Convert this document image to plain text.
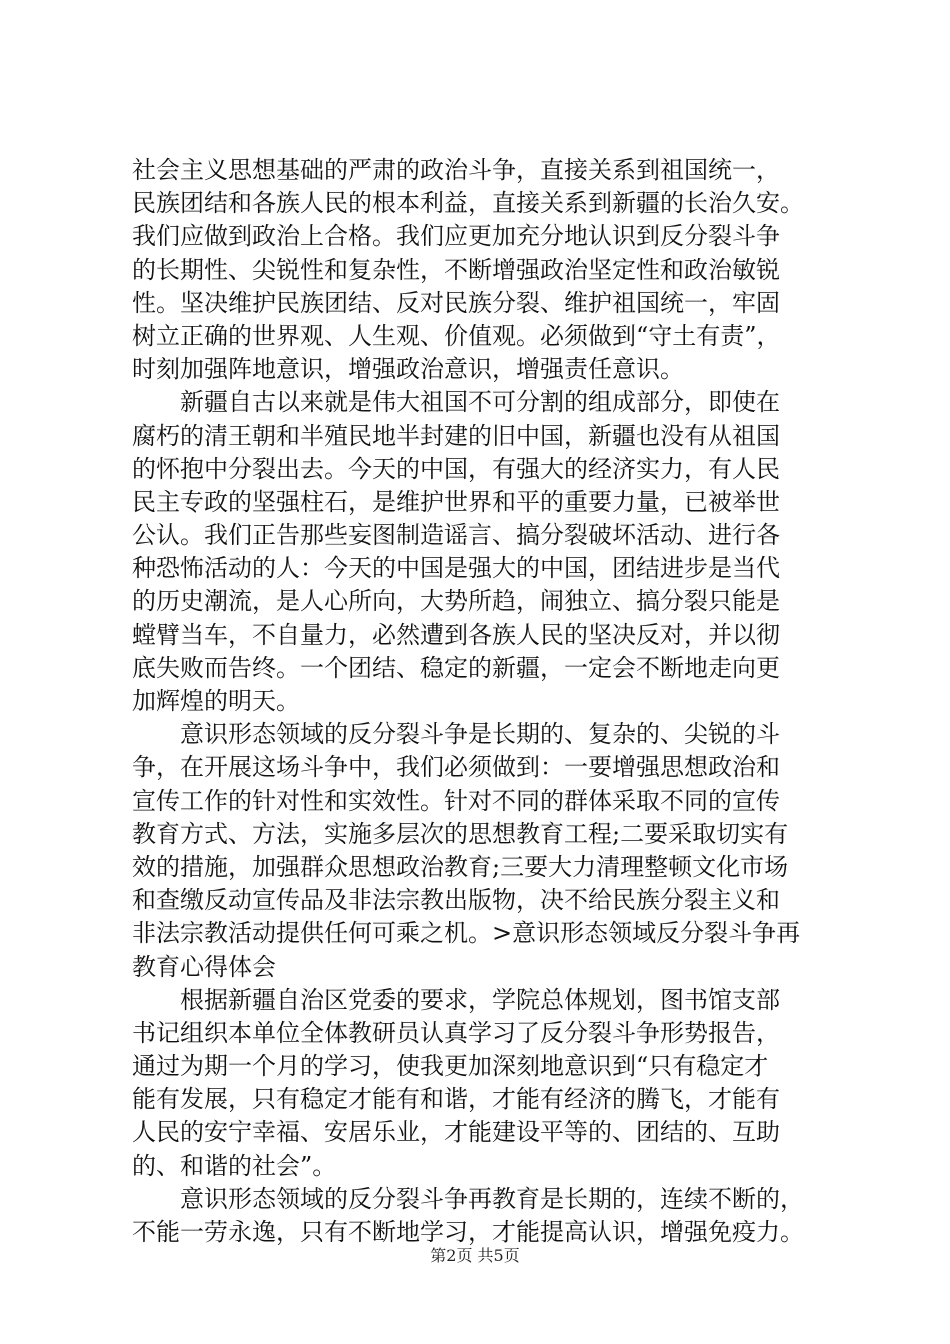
社会主义思想基础的严肃的政治斗争，直接关系到祖国统一，
民族团结和各族人民的根本利益，直接关系到新疆的长治久安。
我们应做到政治上合格。我们应更加充分地认识到反分裂斗争
的长期性、尖锐性和复杂性，不断增强政治坚定性和政治敏锐
性。坚决维护民族团结、反对民族分裂、维护祖国统一，牢固
树立正确的世界观、人生观、价值观。必须做到“守土有责”，
时刻加强阵地意识，增强政治意识，增强责任意识。
新疆自古以来就是伟大祖国不可分割的组成部分，即使在
腐朽的清王朝和半殖民地半封建的旧中国，新疆也没有从祖国
的怀抱中分裂出去。今天的中国，有强大的经济实力，有人民
民主专政的坚强柱石，是维护世界和平的重要力量，已被举世
公认。我们正告那些妄图制造谣言、搞分裂破坏活动、进行各
种恐怖活动的人：今天的中国是强大的中国，团结进步是当代
的历史潮流，是人心所向，大势所趋，闹独立、搞分裂只能是
螳臂当车，不自量力，必然遭到各族人民的坚决反对，并以彻
底失败而告终。一个团结、稳定的新疆，一定会不断地走向更
加辉煌的明天。
意识形态领域的反分裂斗争是长期的、复杂的、尖锐的斗
争，在开展这场斗争中，我们必须做到：一要增强思想政治和
宣传工作的针对性和实效性。针对不同的群体采取不同的宣传
教育方式、方法，实施多层次的思想教育工程;二要采取切实有
效的措施，加强群众思想政治教育;三要大力清理整顿文化市场
和查缴反动宣传品及非法宗教出版物，决不给民族分裂主义和
非法宗教活动提供任何可乘之机。>意识形态领域反分裂斗争再
教育心得体会
根据新疆自治区党委的要求，学院总体规划，图书馆支部
书记组织本单位全体教研员认真学习了反分裂斗争形势报告，
通过为期一个月的学习，使我更加深刻地意识到“只有稳定才
能有发展，只有稳定才能有和谐，才能有经济的腾飞，才能有
人民的安宁幸福、安居乐业，才能建设平等的、团结的、互助
的、和谐的社会”。
意识形态领域的反分裂斗争再教育是长期的，连续不断的，
不能一劳永逸，只有不断地学习，才能提高认识，增强免疫力。
第2页 共5页
